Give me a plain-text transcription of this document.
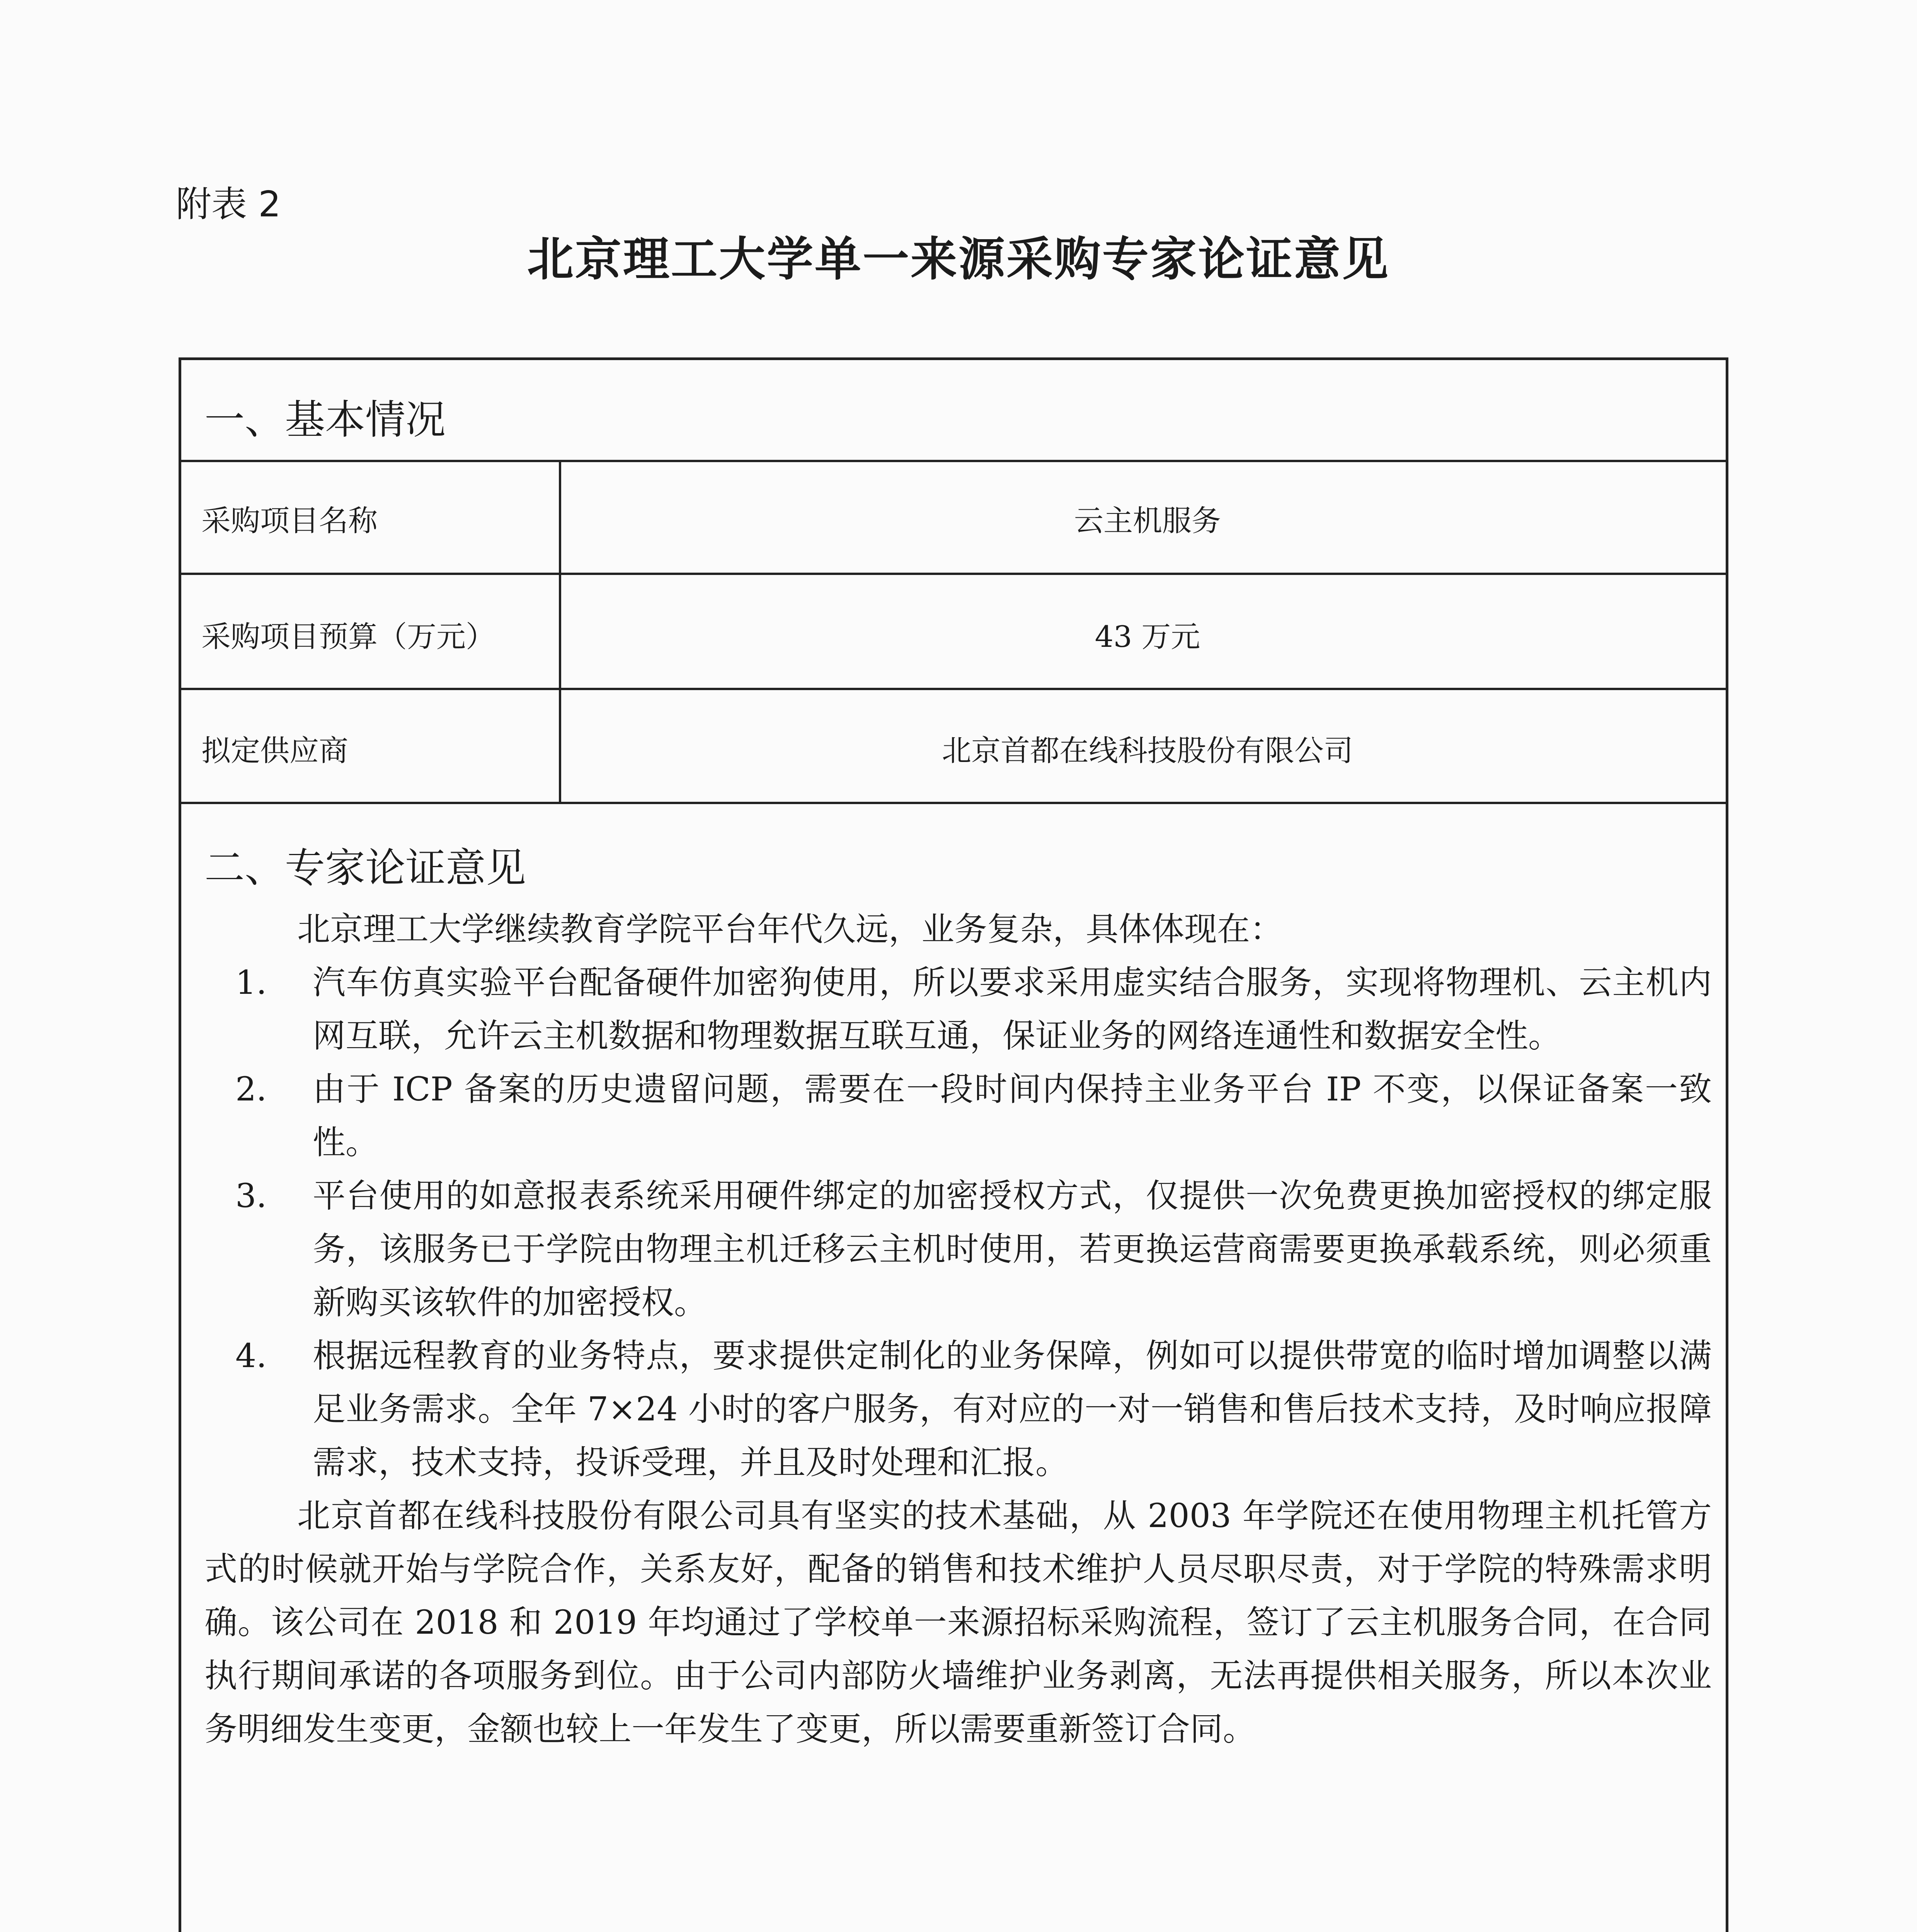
附表 2
北京理工大学单一来源采购专家论证意见
一、基本情况
采购项目名称	云主机服务
采购项目预算（万元）	43 万元
拟定供应商	北京首都在线科技股份有限公司
二、专家论证意见

北京理工大学继续教育学院平台年代久远，业务复杂，具体体现在：

汽车仿真实验平台配备硬件加密狗使用，所以要求采用虚实结合服务，实现将物理机、云主机内网互联，允许云主机数据和物理数据互联互通，保证业务的网络连通性和数据安全性。
由于 ICP 备案的历史遗留问题，需要在一段时间内保持主业务平台 IP 不变，以保证备案一致性。
平台使用的如意报表系统采用硬件绑定的加密授权方式，仅提供一次免费更换加密授权的绑定服务，该服务已于学院由物理主机迁移云主机时使用，若更换运营商需要更换承载系统，则必须重新购买该软件的加密授权。
根据远程教育的业务特点，要求提供定制化的业务保障，例如可以提供带宽的临时增加调整以满足业务需求。全年 7×24 小时的客户服务，有对应的一对一销售和售后技术支持，及时响应报障需求，技术支持，投诉受理，并且及时处理和汇报。

北京首都在线科技股份有限公司具有坚实的技术基础，从 2003 年学院还在使用物理主机托管方式的时候就开始与学院合作，关系友好，配备的销售和技术维护人员尽职尽责，对于学院的特殊需求明确。该公司在 2018 和 2019 年均通过了学校单一来源招标采购流程，签订了云主机服务合同，在合同执行期间承诺的各项服务到位。由于公司内部防火墙维护业务剥离，无法再提供相关服务，所以本次业务明细发生变更，金额也较上一年发生了变更，所以需要重新签订合同。
